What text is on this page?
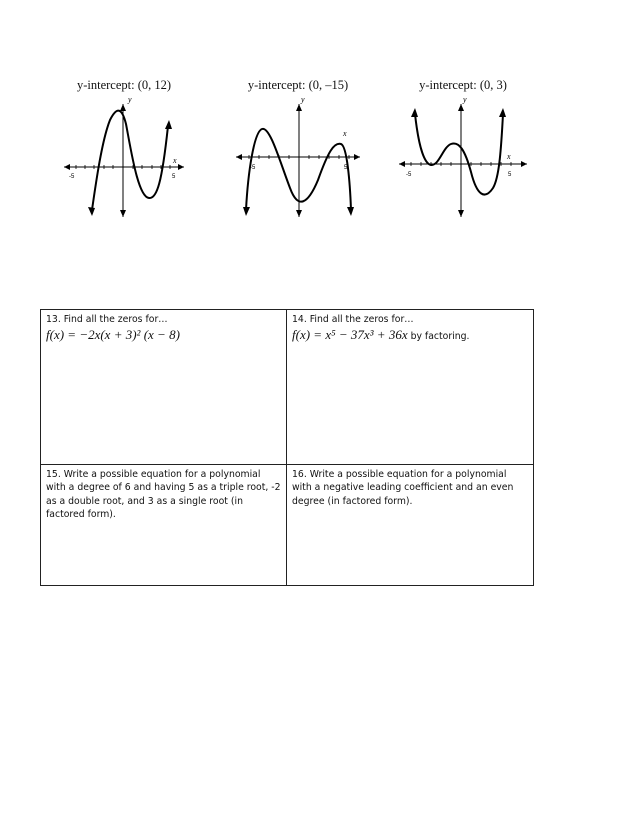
y-intercept: (0, 12)
y
x
-5	5
y-intercept: (0, –15)
y
x
-5	5
y-intercept: (0, 3)
y
x
-5	5
13. Find all the zeros for…
f(x) = −2x(x + 3)² (x − 8)
14. Find all the zeros for…
f(x) = x⁵ − 37x³ + 36x by factoring.
15. Write a possible equation for a polynomial with a degree of 6 and having 5 as a triple root, -2 as a double root, and 3 as a single root (in factored form).
16. Write a possible equation for a polynomial with a negative leading coefficient and an even degree (in factored form).
